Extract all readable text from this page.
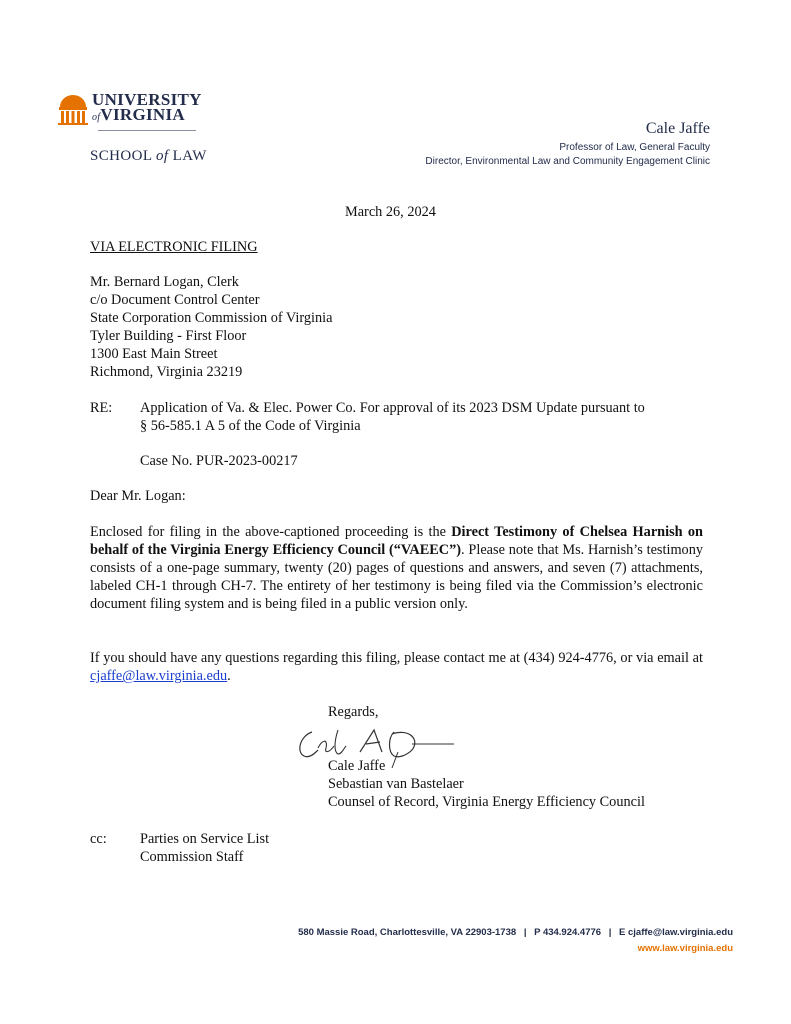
UNIVERSITY
ofVIRGINIA
SCHOOL of LAW
Cale Jaffe
Professor of Law, General Faculty
Director, Environmental Law and Community Engagement Clinic
March 26, 2024
VIA ELECTRONIC FILING
Mr. Bernard Logan, Clerk
c/o Document Control Center
State Corporation Commission of Virginia
Tyler Building - First Floor
1300 East Main Street
Richmond, Virginia 23219
RE: Application of Va. & Elec. Power Co. For approval of its 2023 DSM Update pursuant to
§ 56-585.1 A 5 of the Code of Virginia
Case No. PUR-2023-00217
Dear Mr. Logan:
Enclosed for filing in the above-captioned proceeding is the Direct Testimony of Chelsea Harnish on behalf of the Virginia Energy Efficiency Council (“VAEEC”). Please note that Ms. Harnish’s testimony consists of a one-page summary, twenty (20) pages of questions and answers, and seven (7) attachments, labeled CH-1 through CH-7. The entirety of her testimony is being filed via the Commission’s electronic document filing system and is being filed in a public version only.
If you should have any questions regarding this filing, please contact me at (434) 924-4776, or via email at cjaffe@law.virginia.edu.
Regards,
Cale Jaffe
Sebastian van Bastelaer
Counsel of Record, Virginia Energy Efficiency Council
cc: Parties on Service List
Commission Staff
580 Massie Road, Charlottesville, VA 22903-1738 | P 434.924.4776 | E cjaffe@law.virginia.edu
www.law.virginia.edu
